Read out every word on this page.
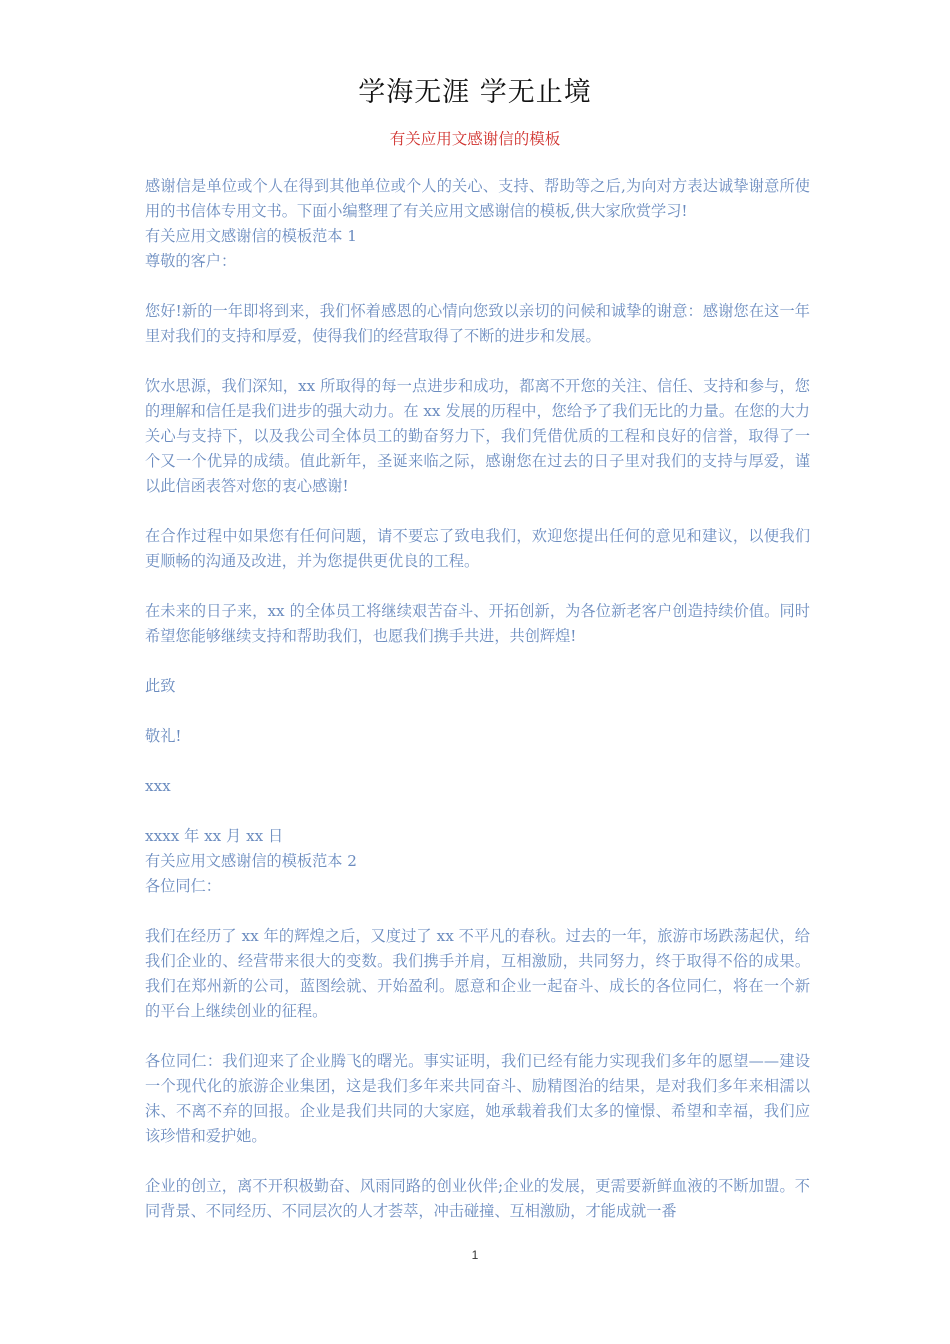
学海无涯 学无止境
有关应用文感谢信的模板

感谢信是单位或个人在得到其他单位或个人的关心、支持、帮助等之后,为向对方表达诚挚谢意所使用的书信体专用文书。下面小编整理了有关应用文感谢信的模板,供大家欣赏学习!

有关应用文感谢信的模板范本 1

尊敬的客户：

您好!新的一年即将到来，我们怀着感恩的心情向您致以亲切的问候和诚挚的谢意：感谢您在这一年里对我们的支持和厚爱，使得我们的经营取得了不断的进步和发展。

饮水思源，我们深知，xx 所取得的每一点进步和成功，都离不开您的关注、信任、支持和参与，您的理解和信任是我们进步的强大动力。在 xx 发展的历程中，您给予了我们无比的力量。在您的大力关心与支持下，以及我公司全体员工的勤奋努力下，我们凭借优质的工程和良好的信誉，取得了一个又一个优异的成绩。值此新年，圣诞来临之际，感谢您在过去的日子里对我们的支持与厚爱，谨以此信函表答对您的衷心感谢!

在合作过程中如果您有任何问题，请不要忘了致电我们，欢迎您提出任何的意见和建议，以便我们更顺畅的沟通及改进，并为您提供更优良的工程。

在未来的日子来，xx 的全体员工将继续艰苦奋斗、开拓创新，为各位新老客户创造持续价值。同时希望您能够继续支持和帮助我们，也愿我们携手共进，共创辉煌!

此致

敬礼!

xxx

xxxx 年 xx 月 xx 日

有关应用文感谢信的模板范本 2

各位同仁：

我们在经历了 xx 年的辉煌之后，又度过了 xx 不平凡的春秋。过去的一年，旅游市场跌荡起伏，给我们企业的、经营带来很大的变数。我们携手并肩，互相激励，共同努力，终于取得不俗的成果。我们在郑州新的公司，蓝图绘就、开始盈利。愿意和企业一起奋斗、成长的各位同仁，将在一个新的平台上继续创业的征程。

各位同仁：我们迎来了企业腾飞的曙光。事实证明，我们已经有能力实现我们多年的愿望——建设一个现代化的旅游企业集团，这是我们多年来共同奋斗、励精图治的结果，是对我们多年来相濡以沫、不离不弃的回报。企业是我们共同的大家庭，她承载着我们太多的憧憬、希望和幸福，我们应该珍惜和爱护她。

企业的创立，离不开积极勤奋、风雨同路的创业伙伴;企业的发展，更需要新鲜血液的不断加盟。不同背景、不同经历、不同层次的人才荟萃，冲击碰撞、互相激励，才能成就一番

1
